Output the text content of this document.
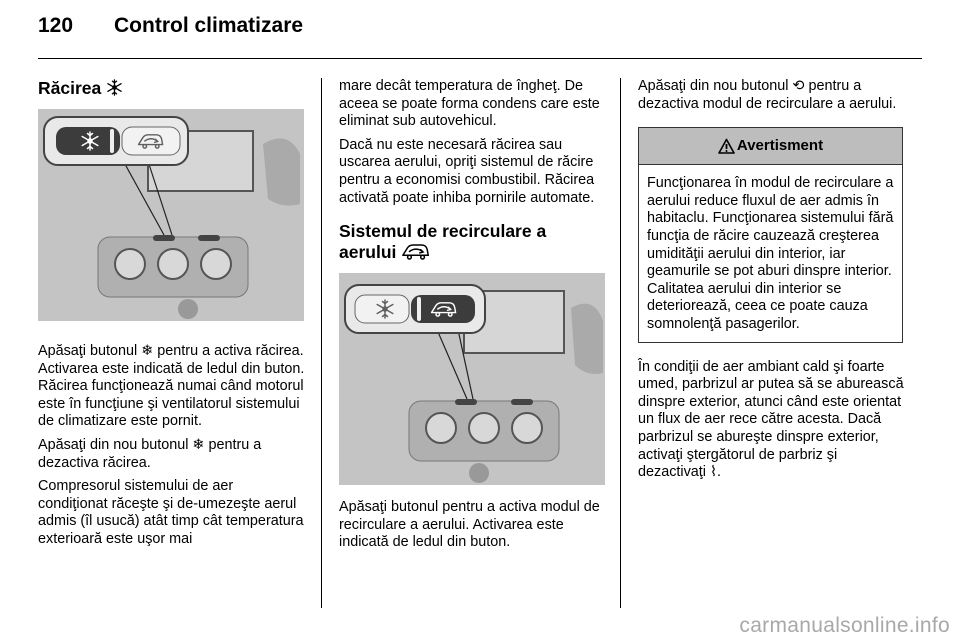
120	Control climatizare
Răcirea

Apăsaţi butonul ❄ pentru a activa răcirea. Activarea este indicată de ledul din buton. Răcirea funcţionează numai când motorul este în funcţiune şi ventilatorul sistemului de climatizare este pornit.

Apăsaţi din nou butonul ❄ pentru a dezactiva răcirea.

Compresorul sistemului de aer condiţionat răceşte şi de-umezeşte aerul admis (îl usucă) atât timp cât temperatura exterioară este uşor mai

mare decât temperatura de îngheţ. De aceea se poate forma condens care este eliminat sub autovehicul.

Dacă nu este necesară răcirea sau uscarea aerului, opriţi sistemul de răcire pentru a economisi combustibil. Răcirea activată poate inhiba pornirile automate.

Sistemul de recirculare a aerului

Apăsaţi butonul pentru a activa modul de recirculare a aerului. Activarea este indicată de ledul din buton.

Apăsaţi din nou butonul ⟲ pentru a dezactiva modul de recirculare a aerului.

Avertisment
Funcţionarea în modul de recirculare a aerului reduce fluxul de aer admis în habitaclu. Funcţionarea sistemului fără funcţia de răcire cauzează creşterea umidităţii aerului din interior, iar geamurile se pot aburi dinspre interior. Calitatea aerului din interior se deteriorează, ceea ce poate cauza somnolenţă pasagerilor.

În condiţii de aer ambiant cald şi foarte umed, parbrizul ar putea să se aburească dinspre exterior, atunci când este orientat un flux de aer rece către acesta. Dacă parbrizul se abureşte dinspre exterior, activaţi ştergătorul de parbriz şi dezactivaţi ⌇.

carmanualsonline.info
